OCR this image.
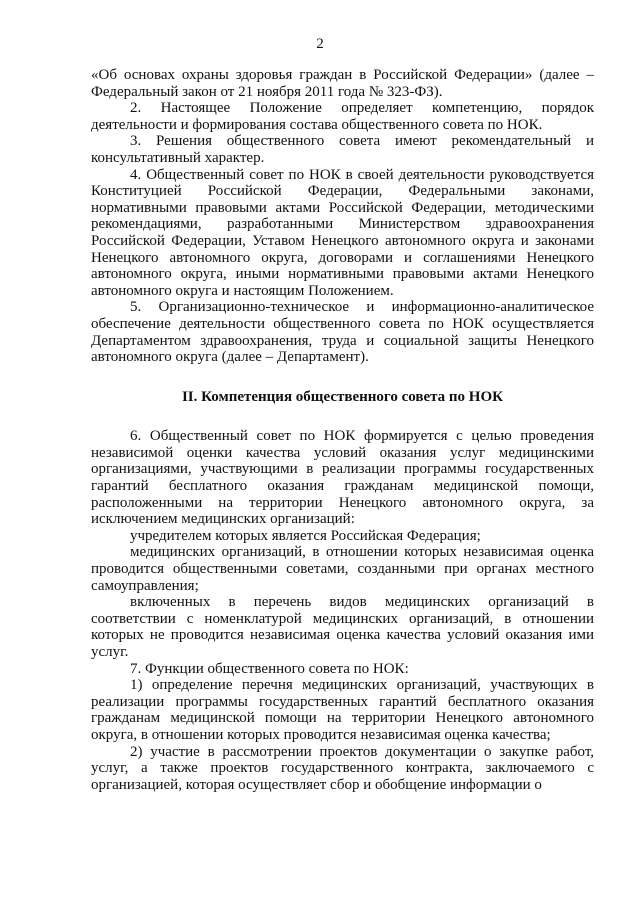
2

«Об основах охраны здоровья граждан в Российской Федерации» (далее – Федеральный закон от 21 ноября 2011 года № 323-ФЗ).

2. Настоящее Положение определяет компетенцию, порядок деятельности и формирования состава общественного совета по НОК.

3. Решения общественного совета имеют рекомендательный и консультативный характер.

4. Общественный совет по НОК в своей деятельности руководствуется Конституцией Российской Федерации, Федеральными законами, нормативными правовыми актами Российской Федерации, методическими рекомендациями, разработанными Министерством здравоохранения Российской Федерации, Уставом Ненецкого автономного округа и законами Ненецкого автономного округа, договорами и соглашениями Ненецкого автономного округа, иными нормативными правовыми актами Ненецкого автономного округа и настоящим Положением.

5. Организационно-техническое и информационно-аналитическое обеспечение деятельности общественного совета по НОК осуществляется Департаментом здравоохранения, труда и социальной защиты Ненецкого автономного округа (далее – Департамент).

II. Компетенция общественного совета по НОК

6. Общественный совет по НОК формируется с целью проведения независимой оценки качества условий оказания услуг медицинскими организациями, участвующими в реализации программы государственных гарантий бесплатного оказания гражданам медицинской помощи, расположенными на территории Ненецкого автономного округа, за исключением медицинских организаций:

учредителем которых является Российская Федерация;

медицинских организаций, в отношении которых независимая оценка проводится общественными советами, созданными при органах местного самоуправления;

включенных в перечень видов медицинских организаций в соответствии с номенклатурой медицинских организаций, в отношении которых не проводится независимая оценка качества условий оказания ими услуг.

7. Функции общественного совета по НОК:

1) определение перечня медицинских организаций, участвующих в реализации программы государственных гарантий бесплатного оказания гражданам медицинской помощи на территории Ненецкого автономного округа, в отношении которых проводится независимая оценка качества;

2) участие в рассмотрении проектов документации о закупке работ, услуг, а также проектов государственного контракта, заключаемого с организацией, которая осуществляет сбор и обобщение информации о
